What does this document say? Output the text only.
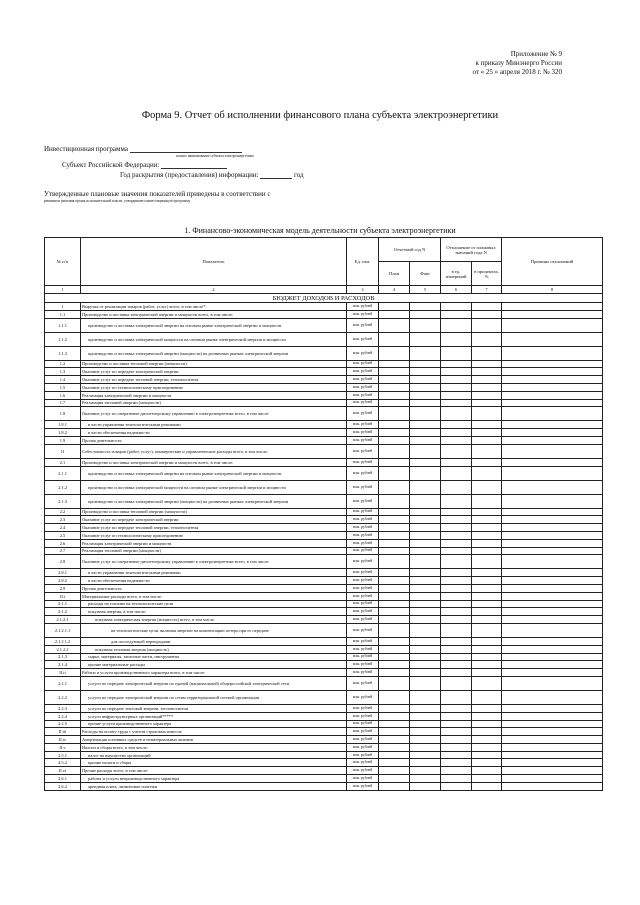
Приложение № 9
к приказу Минэнерго России
от « 25 » апреля 2018 г. № 320
Форма 9. Отчет об исполнении финансового плана субъекта электроэнергетики
Инвестиционная программа
полное наименование субъекта электроэнергетики
Субъект Российской Федерации:
Год раскрытия (предоставления) информации:	год
Утвержденные плановые значения показателей приведены в соответствии с
реквизиты решения органа исполнительной власти, утвердившего инвестиционную программу
1. Финансово-экономическая модель деятельности субъекта электроэнергетики
№ п/п	Показатель	Ед. изм.	Отчетный год N		Отклонение от плановых значений года N		Причины отклонений
			План	Факт	в ед. измерений	в процентах, %	
1	2	3	4	5	6	7	8
БЮДЖЕТ ДОХОДОВ И РАСХОДОВ							
1	Выручка от реализации товаров (работ, услуг) всего, в том числе*:	млн. рублей					
1.1	Производство и поставка электрической энергии и мощности всего, в том числе:	млн. рублей					
1.1.1	производство и поставка электрической энергии на оптовом рынке электрической энергии и мощности	млн. рублей					
1.1.2	производство и поставка электрической мощности на оптовом рынке электрической энергии и мощности	млн. рублей					
1.1.3	производство и поставка электрической энергии (мощности) на розничных рынках электрической энергии	млн. рублей					
1.2	Производство и поставка тепловой энергии (мощности)	млн. рублей					
1.3	Оказание услуг по передаче электрической энергии	млн. рублей					
1.4	Оказание услуг по передаче тепловой энергии, теплоносителя	млн. рублей					
1.5	Оказание услуг по технологическому присоединению	млн. рублей					
1.6	Реализация электрической энергии и мощности	млн. рублей					
1.7	Реализация тепловой энергии (мощности)	млн. рублей					
1.8	Оказание услуг по оперативно-диспетчерскому управлению в электроэнергетике всего, в том числе:	млн. рублей					
1.8.1	в части управления технологическими режимами	млн. рублей					
1.8.2	в части обеспечения надежности	млн. рублей					
1.9	Прочая деятельность	млн. рублей					
II	Себестоимость товаров (работ, услуг), коммерческие и управленческие расходы всего, в том числе:	млн. рублей					
2.1	Производство и поставка электрической энергии и мощности всего, в том числе:	млн. рублей					
2.1.1	производство и поставка электрической энергии на оптовом рынке электрической энергии и мощности	млн. рублей					
2.1.2	производство и поставка электрической мощности на оптовом рынке электрической энергии и мощности	млн. рублей					
2.1.3	производство и поставка электрической энергии (мощности) на розничных рынках электрической энергии	млн. рублей					
2.2	Производство и поставка тепловой энергии (мощности)	млн. рублей					
2.3	Оказание услуг по передаче электрической энергии	млн. рублей					
2.4	Оказание услуг по передаче тепловой энергии, теплоносителя	млн. рублей					
2.5	Оказание услуг по технологическому присоединению	млн. рублей					
2.6	Реализация электрической энергии и мощности	млн. рублей					
2.7	Реализация тепловой энергии (мощности)	млн. рублей					
2.8	Оказание услуг по оперативно-диспетчерскому управлению в электроэнергетике всего, в том числе:	млн. рублей					
2.8.1	в части управления технологическими режимами	млн. рублей					
2.8.2	в части обеспечения надежности	млн. рублей					
2.9	Прочая деятельность	млн. рублей					
II.i	Материальные расходы всего, в том числе:	млн. рублей					
2.1.1	расходы на топливо на технологические цели	млн. рублей					
2.1.2	покупная энергия, в том числе:	млн. рублей					
2.1.2.1	покупная электрическая энергия (мощность) всего, в том числе:	млн. рублей					
2.1.2.1.1	на технологические цели, включая энергию на компенсацию потерь при ее передаче	млн. рублей					
2.1.2.1.2	для последующей перепродажи	млн. рублей					
2.1.2.2	покупная тепловая энергия (мощность)	млн. рублей					
2.1.3	сырье, материалы, запасные части, инструменты	млн. рублей					
2.1.4	прочие материальные расходы	млн. рублей					
II.ii	Работы и услуги производственного характера всего, в том числе:	млн. рублей					
2.2.1	услуги по передаче электрической энергии по единой (национальной) общероссийской электрической сети	млн. рублей					
2.2.2	услуги по передаче электрической энергии по сетям территориальной сетевой организации	млн. рублей					
2.2.3	услуги по передаче тепловой энергии, теплоносителя	млн. рублей					
2.2.4	услуги инфраструктурных организаций*****	млн. рублей					
2.2.5	прочие услуги производственного характера	млн. рублей					
II.iii	Расходы на оплату труда с учетом страховых взносов	млн. рублей					
II.iv	Амортизация основных средств и нематериальных активов	млн. рублей					
II.v	Налоги и сборы всего, в том числе:	млн. рублей					
2.5.1	налог на имущество организаций	млн. рублей					
2.5.2	прочие налоги и сборы	млн. рублей					
II.vi	Прочие расходы всего, в том числе:	млн. рублей					
2.6.1	работы и услуги непроизводственного характера	млн. рублей					
2.6.2	арендная плата, лизинговые платежи	млн. рублей					
